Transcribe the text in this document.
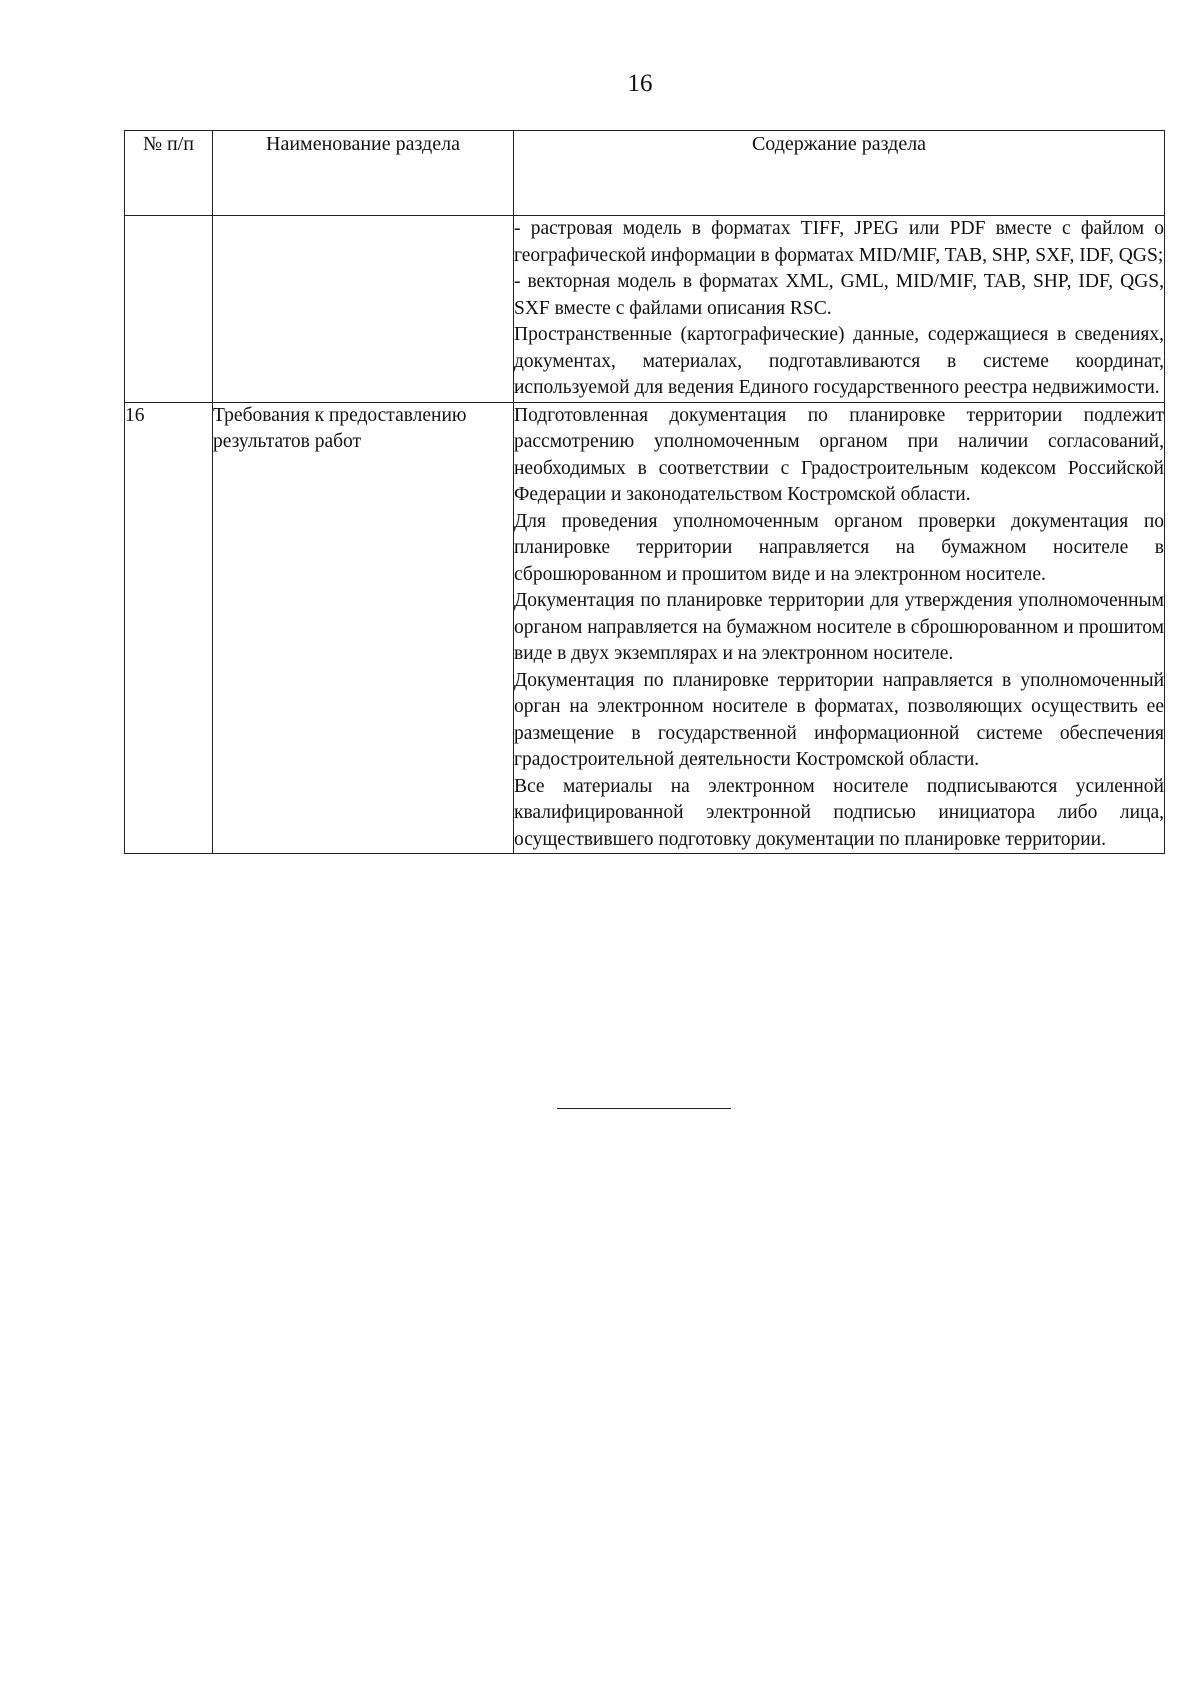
16
№ п/п	Наименование раздела	Содержание раздела

		- растровая модель в форматах TIFF, JPEG или PDF вместе с файлом о географической информации в форматах MID/MIF, TAB, SHP, SXF, IDF, QGS;

- векторная модель в форматах XML, GML, MID/MIF, TAB, SHP, IDF, QGS, SXF вместе с файлами описания RSC.

Пространственные (картографические) данные, содержащиеся в сведениях, документах, материалах, подготавливаются в системе координат, используемой для ведения Единого государственного реестра недвижимости.

16	Требования к предоставлению результатов работ	Подготовленная документация по планировке территории подлежит рассмотрению уполномоченным органом при наличии согласований, необходимых в соответствии с Градостроительным кодексом Российской Федерации и законодательством Костромской области.

Для проведения уполномоченным органом проверки документация по планировке территории направляется на бумажном носителе в сброшюрованном и прошитом виде и на электронном носителе.

Документация по планировке территории для утверждения уполномоченным органом направляется на бумажном носителе в сброшюрованном и прошитом виде в двух экземплярах и на электронном носителе.

Документация по планировке территории направляется в уполномоченный орган на электронном носителе в форматах, позволяющих осуществить ее размещение в государственной информационной системе обеспечения градостроительной деятельности Костромской области.

Все материалы на электронном носителе подписываются усиленной квалифицированной электронной подписью инициатора либо лица, осуществившего подготовку документации по планировке территории.
